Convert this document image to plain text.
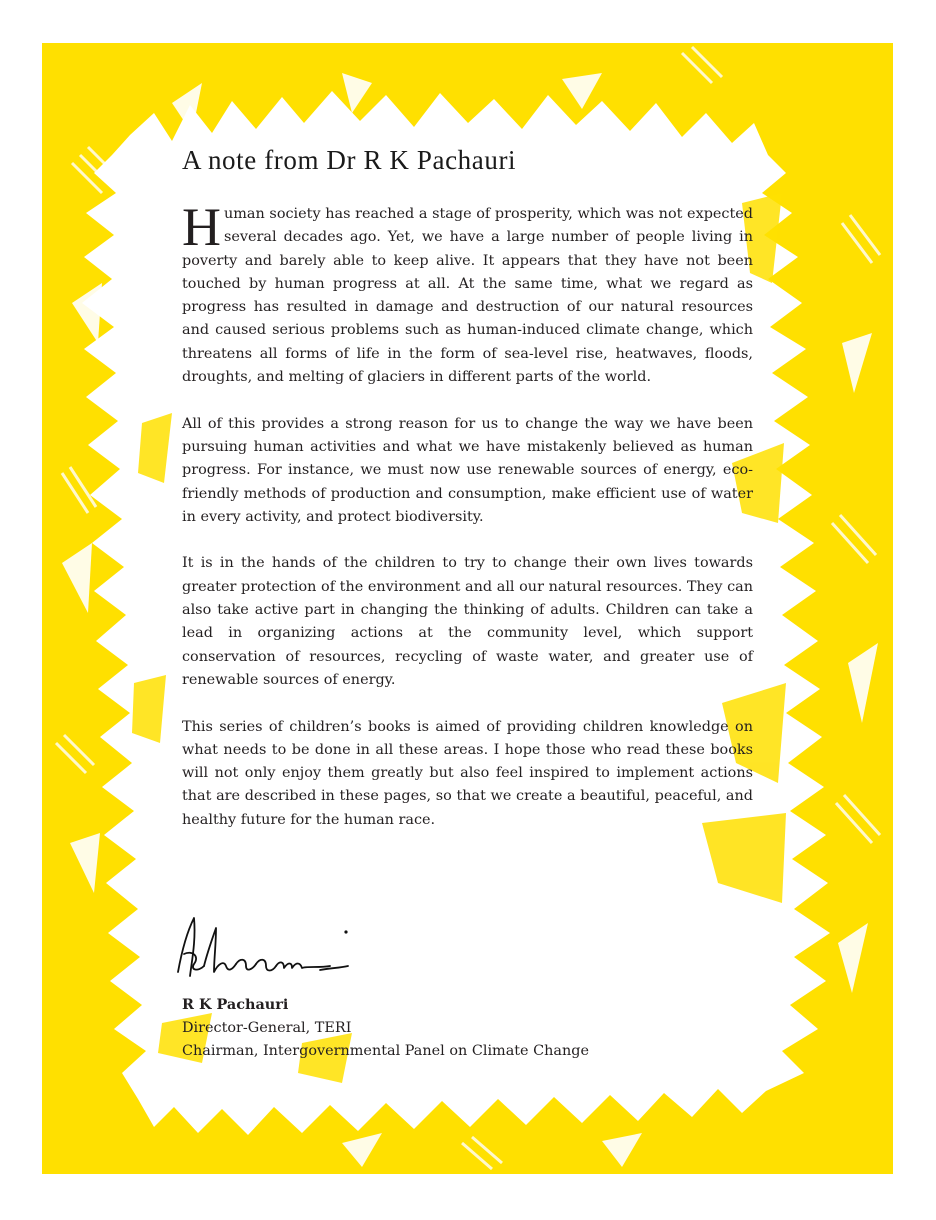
A note from Dr R K Pachauri

Human society has reached a stage of prosperity, which was not expected several decades ago. Yet, we have a large number of people living in poverty and barely able to keep alive. It appears that they have not been touched by human progress at all. At the same time, what we regard as progress has resulted in damage and destruction of our natural resources and caused serious problems such as human-induced climate change, which threatens all forms of life in the form of sea-level rise, heatwaves, floods, droughts, and melting of glaciers in different parts of the world.

All of this provides a strong reason for us to change the way we have been pursuing human activities and what we have mistakenly believed as human progress. For instance, we must now use renewable sources of energy, eco-friendly methods of production and consumption, make efficient use of water in every activity, and protect biodiversity.

It is in the hands of the children to try to change their own lives towards greater protection of the environment and all our natural resources. They can also take active part in changing the thinking of adults. Children can take a lead in organizing actions at the community level, which support conservation of resources, recycling of waste water, and greater use of renewable sources of energy.

This series of children’s books is aimed of providing children knowledge on what needs to be done in all these areas. I hope those who read these books will not only enjoy them greatly but also feel inspired to implement actions that are described in these pages, so that we create a beautiful, peaceful, and healthy future for the human race.

R K Pachauri
Director-General, TERI
Chairman, Intergovernmental Panel on Climate Change
